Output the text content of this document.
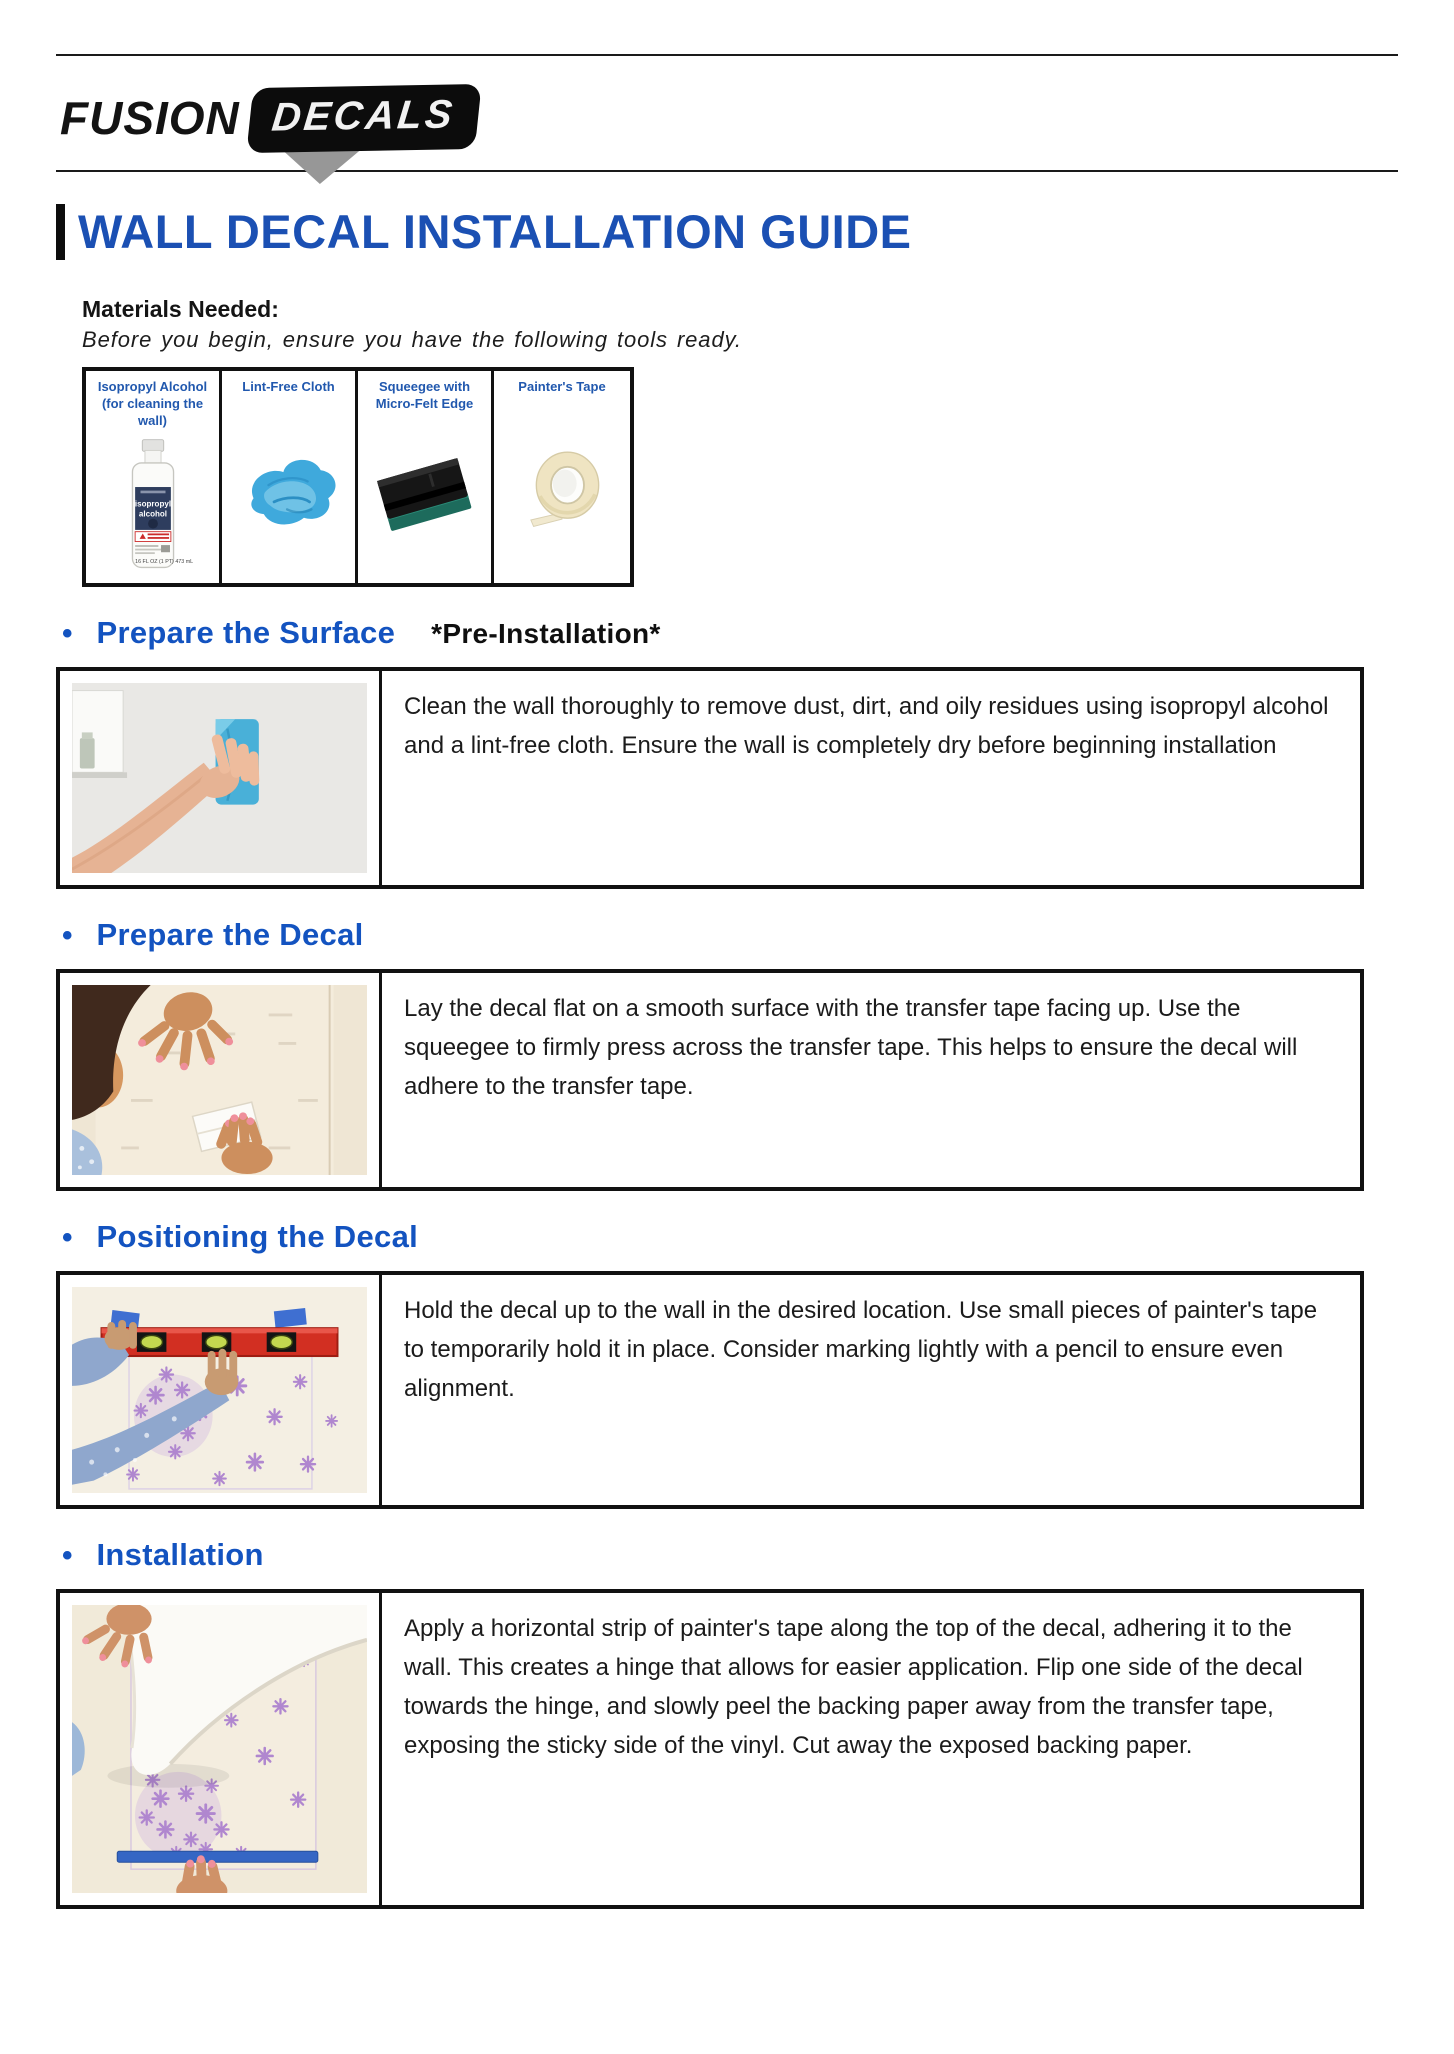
FUSION DECALS
WALL DECAL INSTALLATION GUIDE
Materials Needed:
Before you begin, ensure you have the following tools ready.
Isopropyl Alcohol (for cleaning the wall)
isopropyl
alcohol
16 FL OZ (1 PT) 473 mL
Lint-Free Cloth	Squeegee with Micro-Felt Edge
Painter's Tape
• Prepare the Surface *Pre-Installation*
Clean the wall thoroughly to remove dust, dirt, and oily residues using isopropyl alcohol and a lint-free cloth. Ensure the wall is completely dry before beginning installation
• Prepare the Decal
Lay the decal flat on a smooth surface with the transfer tape facing up. Use the squeegee to firmly press across the transfer tape. This helps to ensure the decal will adhere to the transfer tape.
• Positioning the Decal
Hold the decal up to the wall in the desired location. Use small pieces of painter's tape to temporarily hold it in place. Consider marking lightly with a pencil to ensure even alignment.
• Installation
Apply a horizontal strip of painter's tape along the top of the decal, adhering it to the wall. This creates a hinge that allows for easier application. Flip one side of the decal towards the hinge, and slowly peel the backing paper away from the transfer tape, exposing the sticky side of the vinyl. Cut away the exposed backing paper.
